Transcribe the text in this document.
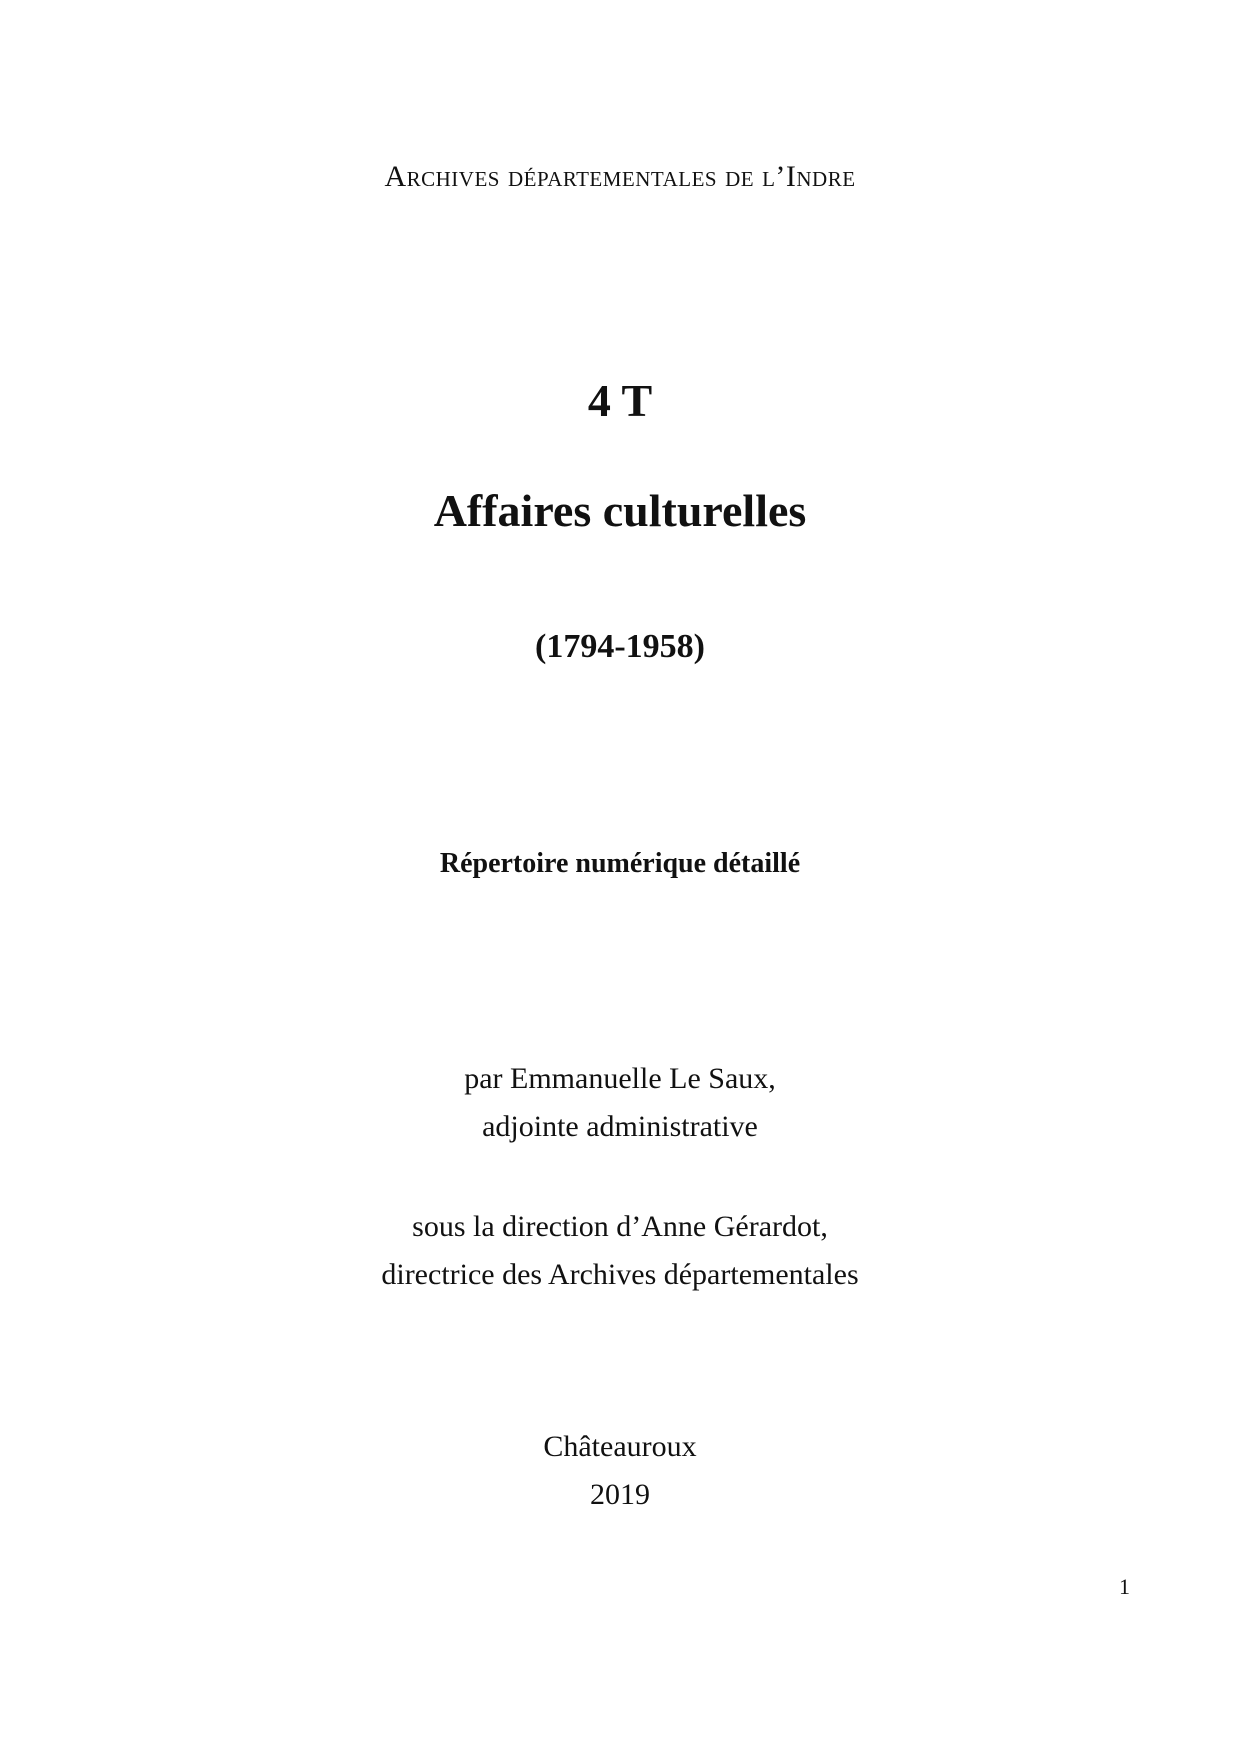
Archives départementales de l’Indre

4 T
Affaires culturelles

(1794-1958)

Répertoire numérique détaillé

par Emmanuelle Le Saux,

adjointe administrative

sous la direction d’Anne Gérardot,

directrice des Archives départementales

Châteauroux

2019

1
